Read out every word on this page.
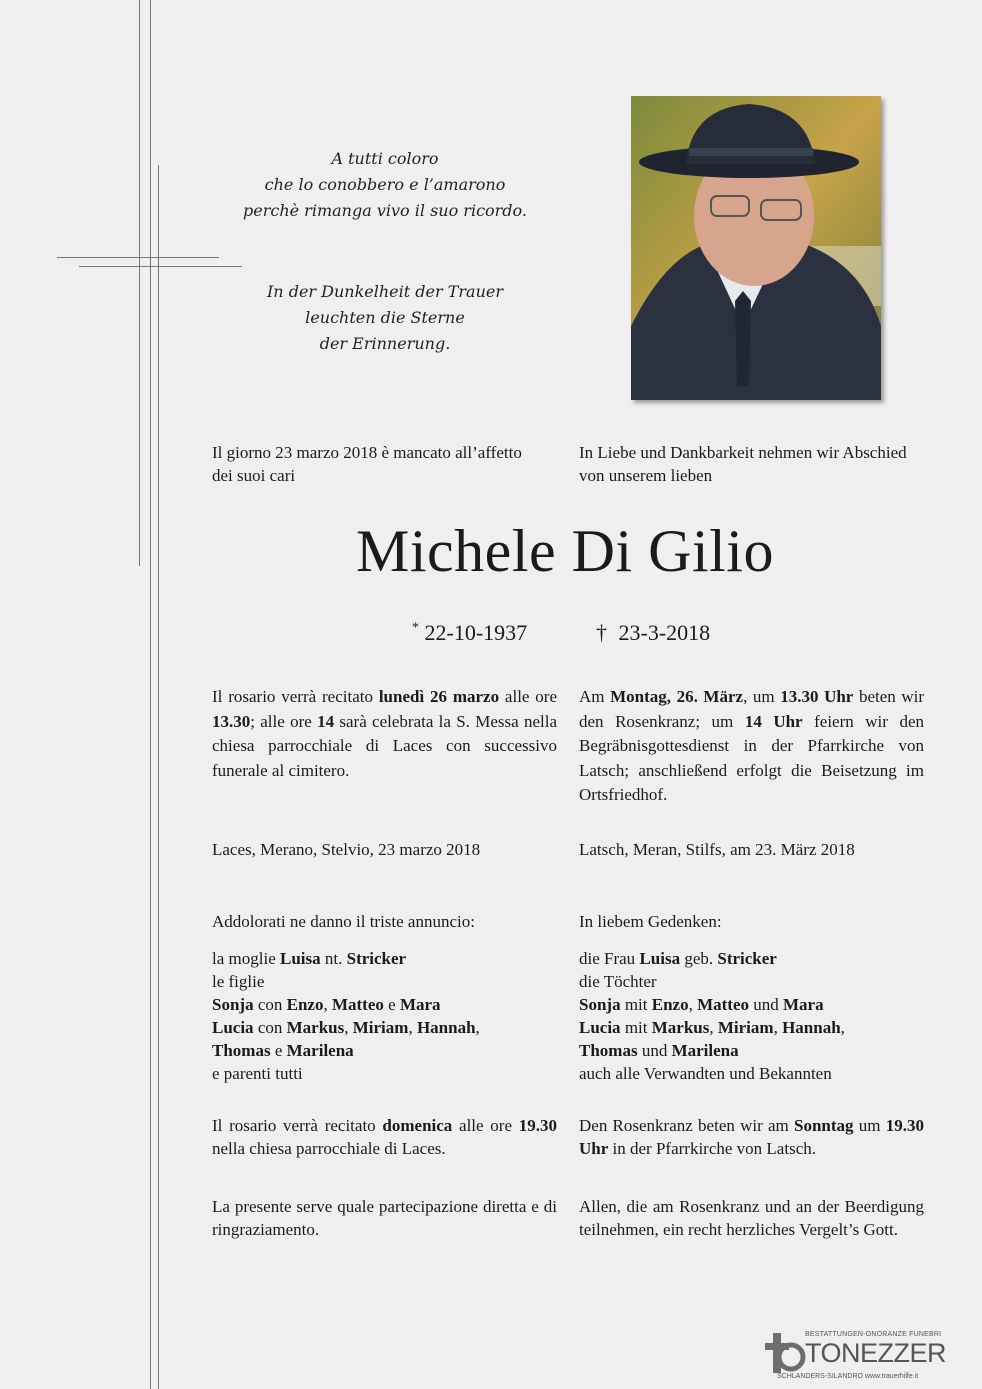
A tutti coloro
che lo conobbero e l’amarono
perchè rimanga vivo il suo ricordo.
In der Dunkelheit der Trauer
leuchten die Sterne
der Erinnerung.
Il giorno 23 marzo 2018 è mancato all’affetto
dei suoi cari
In Liebe und Dankbarkeit nehmen wir Abschied
von unserem lieben
Michele Di Gilio
* 22-10-1937	† 23-3-2018
Il rosario verrà recitato lunedì 26 marzo alle ore 13.30; alle ore 14 sarà celebrata la S. Messa nella chiesa parrocchiale di Laces con successivo funerale al cimitero.
Am Montag, 26. März, um 13.30 Uhr beten wir den Rosenkranz; um 14 Uhr feiern wir den Begräbnisgottesdienst in der Pfarrkirche von Latsch; anschließend erfolgt die Beisetzung im Ortsfriedhof.
Laces, Merano, Stelvio, 23 marzo 2018	Latsch, Meran, Stilfs, am 23. März 2018
Addolorati ne danno il triste annuncio:
la moglie Luisa nt. Stricker
le figlie
Sonja con Enzo, Matteo e Mara
Lucia con Markus, Miriam, Hannah,
Thomas e Marilena
e parenti tutti
In liebem Gedenken:
die Frau Luisa geb. Stricker
die Töchter
Sonja mit Enzo, Matteo und Mara
Lucia mit Markus, Miriam, Hannah,
Thomas und Marilena
auch alle Verwandten und Bekannten
Il rosario verrà recitato domenica alle ore 19.30 nella chiesa parrocchiale di Laces.
Den Rosenkranz beten wir am Sonntag um 19.30 Uhr in der Pfarrkirche von Latsch.
La presente serve quale partecipazione diretta e di ringraziamento.
Allen, die am Rosenkranz und an der Beerdigung teilnehmen, ein recht herzliches Vergelt’s Gott.
BESTATTUNGEN-ONORANZE FUNEBRI
TONEZZER
SCHLANDERS-SILANDRO www.trauerhilfe.it
